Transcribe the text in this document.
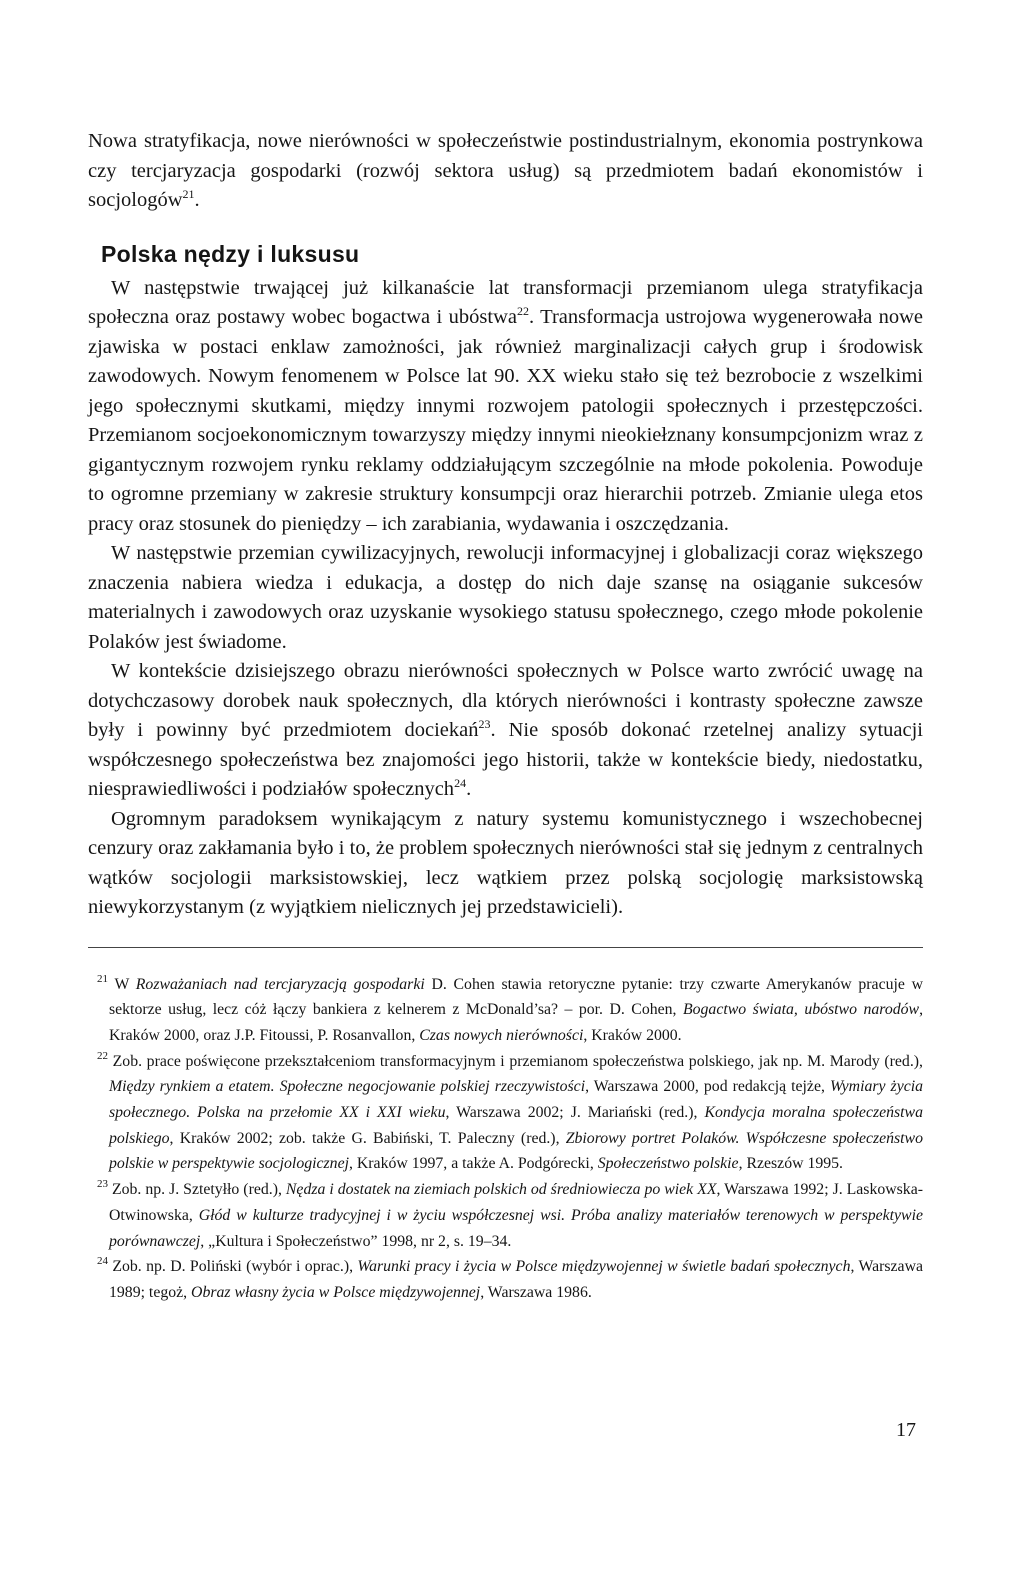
Nowa stratyfikacja, nowe nierówności w społeczeństwie postindustrialnym, ekonomia postrynkowa czy tercjaryzacja gospodarki (rozwój sektora usług) są przedmiotem badań ekonomistów i socjologów$^{21}$.

Polska nędzy i luksusu

W następstwie trwającej już kilkanaście lat transformacji przemianom ulega stratyfikacja społeczna oraz postawy wobec bogactwa i ubóstwa$^{22}$. Transformacja ustrojowa wygenerowała nowe zjawiska w postaci enklaw zamożności, jak również marginalizacji całych grup i środowisk zawodowych. Nowym fenomenem w Polsce lat 90. XX wieku stało się też bezrobocie z wszelkimi jego społecznymi skutkami, między innymi rozwojem patologii społecznych i przestępczości. Przemianom socjoekonomicznym towarzyszy między innymi nieokiełznany konsumpcjonizm wraz z gigantycznym rozwojem rynku reklamy oddziałującym szczególnie na młode pokolenia. Powoduje to ogromne przemiany w zakresie struktury konsumpcji oraz hierarchii potrzeb. Zmianie ulega etos pracy oraz stosunek do pieniędzy – ich zarabiania, wydawania i oszczędzania.

W następstwie przemian cywilizacyjnych, rewolucji informacyjnej i globalizacji coraz większego znaczenia nabiera wiedza i edukacja, a dostęp do nich daje szansę na osiąganie sukcesów materialnych i zawodowych oraz uzyskanie wysokiego statusu społecznego, czego młode pokolenie Polaków jest świadome.

W kontekście dzisiejszego obrazu nierówności społecznych w Polsce warto zwrócić uwagę na dotychczasowy dorobek nauk społecznych, dla których nierówności i kontrasty społeczne zawsze były i powinny być przedmiotem dociekań$^{23}$. Nie sposób dokonać rzetelnej analizy sytuacji współczesnego społeczeństwa bez znajomości jego historii, także w kontekście biedy, niedostatku, niesprawiedliwości i podziałów społecznych$^{24}$.

Ogromnym paradoksem wynikającym z natury systemu komunistycznego i wszechobecnej cenzury oraz zakłamania było i to, że problem społecznych nierówności stał się jednym z centralnych wątków socjologii marksistowskiej, lecz wątkiem przez polską socjologię marksistowską niewykorzystanym (z wyjątkiem nielicznych jej przedstawicieli).

$^{21}$ W Rozważaniach nad tercjaryzacją gospodarki D. Cohen stawia retoryczne pytanie: trzy czwarte Amerykanów pracuje w sektorze usług, lecz cóż łączy bankiera z kelnerem z McDonald’sa? – por. D. Cohen, Bogactwo świata, ubóstwo narodów, Kraków 2000, oraz J.P. Fitoussi, P. Rosanvallon, Czas nowych nierówności, Kraków 2000.

$^{22}$ Zob. prace poświęcone przekształceniom transformacyjnym i przemianom społeczeństwa polskiego, jak np. M. Marody (red.), Między rynkiem a etatem. Społeczne negocjowanie polskiej rzeczywistości, Warszawa 2000, pod redakcją tejże, Wymiary życia społecznego. Polska na przełomie XX i XXI wieku, Warszawa 2002; J. Mariański (red.), Kondycja moralna społeczeństwa polskiego, Kraków 2002; zob. także G. Babiński, T. Paleczny (red.), Zbiorowy portret Polaków. Współczesne społeczeństwo polskie w perspektywie socjologicznej, Kraków 1997, a także A. Podgórecki, Społeczeństwo polskie, Rzeszów 1995.

$^{23}$ Zob. np. J. Sztetyłło (red.), Nędza i dostatek na ziemiach polskich od średniowiecza po wiek XX, Warszawa 1992; J. Laskowska-Otwinowska, Głód w kulturze tradycyjnej i w życiu współczesnej wsi. Próba analizy materiałów terenowych w perspektywie porównawczej, „Kultura i Społeczeństwo” 1998, nr 2, s. 19–34.

$^{24}$ Zob. np. D. Poliński (wybór i oprac.), Warunki pracy i życia w Polsce międzywojennej w świetle badań społecznych, Warszawa 1989; tegoż, Obraz własny życia w Polsce międzywojennej, Warszawa 1986.

17
